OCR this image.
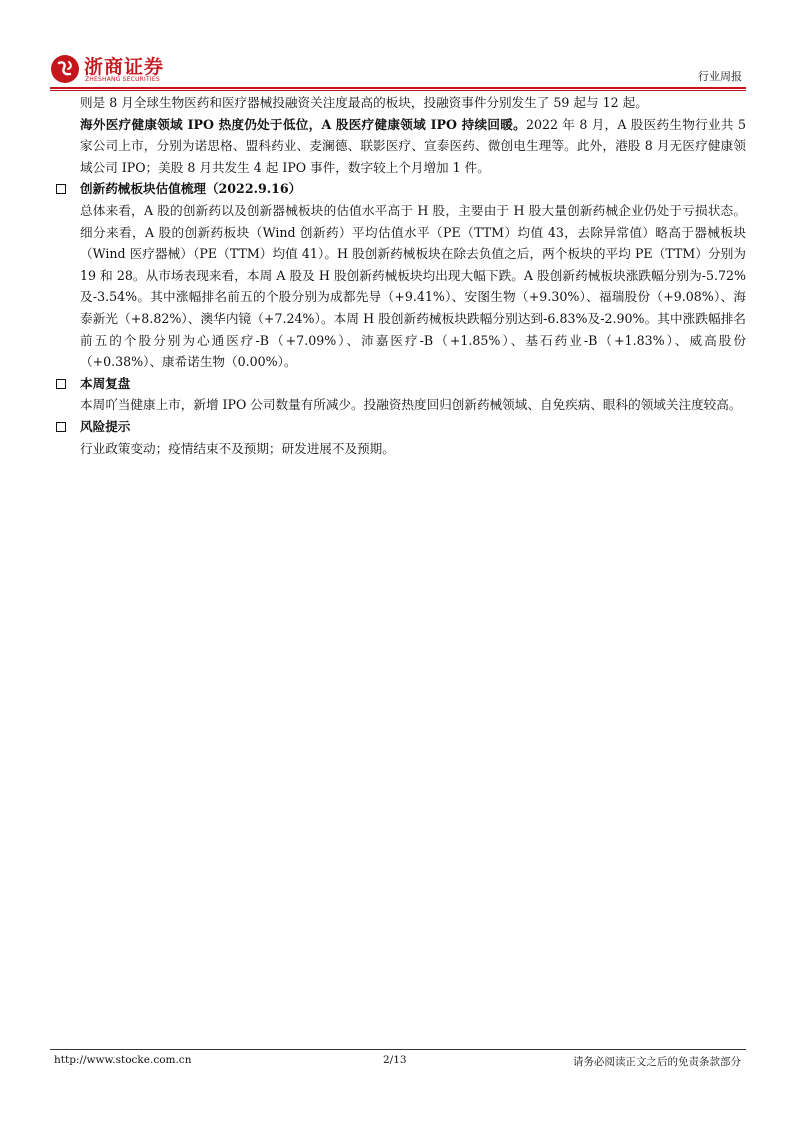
浙商证券
ZHESHANG SECURITIES	行业周报

则是 8 月全球生物医药和医疗器械投融资关注度最高的板块，投融资事件分别发生了 59 起与 12 起。

海外医疗健康领域 IPO 热度仍处于低位，A 股医疗健康领域 IPO 持续回暖。2022 年 8 月，A 股医药生物行业共 5 家公司上市，分别为诺思格、盟科药业、麦澜德、联影医疗、宣泰医药、微创电生理等。此外，港股 8 月无医疗健康领域公司 IPO；美股 8 月共发生 4 起 IPO 事件，数字较上个月增加 1 件。

创新药械板块估值梳理（2022.9.16）

总体来看，A 股的创新药以及创新器械板块的估值水平高于 H 股，主要由于 H 股大量创新药械企业仍处于亏损状态。细分来看，A 股的创新药板块（Wind 创新药）平均估值水平（PE（TTM）均值 43，去除异常值）略高于器械板块（Wind 医疗器械）（PE（TTM）均值 41）。H 股创新药械板块在除去负值之后，两个板块的平均 PE（TTM）分别为 19 和 28。从市场表现来看，本周 A 股及 H 股创新药械板块均出现大幅下跌。A 股创新药械板块涨跌幅分别为-5.72%及-3.54%。其中涨幅排名前五的个股分别为成都先导（+9.41%）、安图生物（+9.30%）、福瑞股份（+9.08%）、海泰新光（+8.82%）、澳华内镜（+7.24%）。本周 H 股创新药械板块跌幅分别达到-6.83%及-2.90%。其中涨跌幅排名前五的个股分别为心通医疗-B（+7.09%）、沛嘉医疗-B（+1.85%）、基石药业-B（+1.83%）、威高股份（+0.38%）、康希诺生物（0.00%）。

本周复盘

本周吖当健康上市，新增 IPO 公司数量有所减少。投融资热度回归创新药械领域、自免疾病、眼科的领域关注度较高。

风险提示

行业政策变动；疫情结束不及预期；研发进展不及预期。

http://www.stocke.com.cn	2/13	请务必阅读正文之后的免责条款部分
